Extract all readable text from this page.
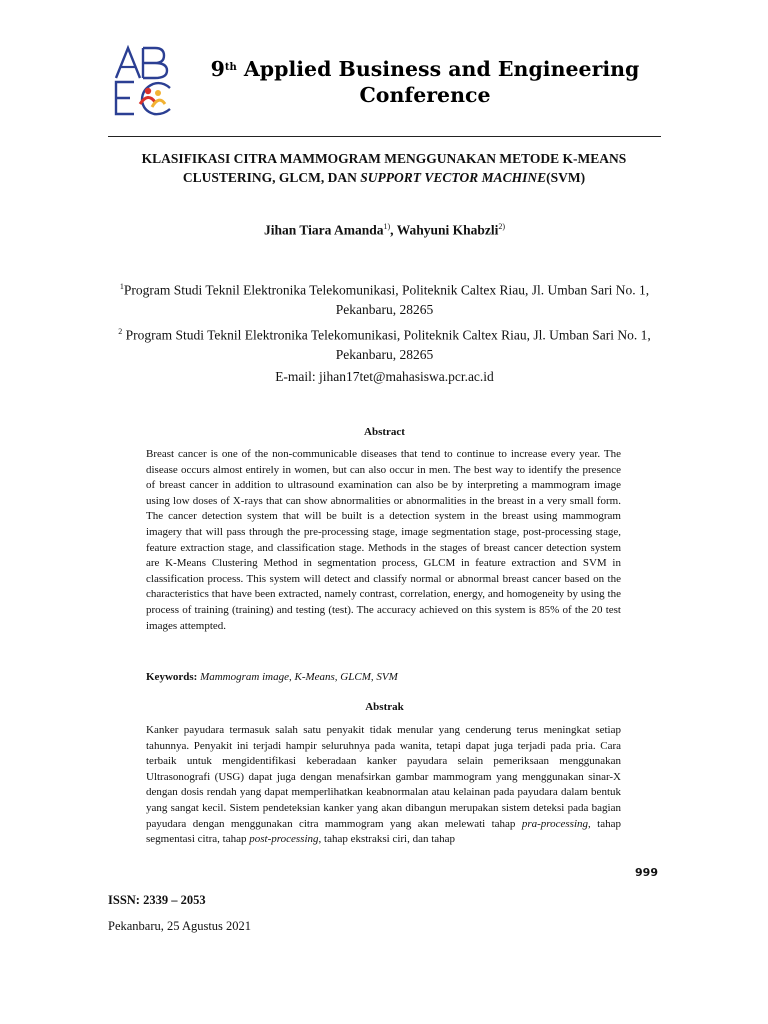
9th Applied Business and Engineering
Conference
KLASIFIKASI CITRA MAMMOGRAM MENGGUNAKAN METODE K-MEANS CLUSTERING, GLCM, DAN SUPPORT VECTOR MACHINE(SVM)
Jihan Tiara Amanda$^{1)}$, Wahyuni Khabzli$^{2)}$
$^1$Program Studi Teknil Elektronika Telekomunikasi, Politeknik Caltex Riau, Jl. Umban Sari No. 1, Pekanbaru, 28265
$^2$ Program Studi Teknil Elektronika Telekomunikasi, Politeknik Caltex Riau, Jl. Umban Sari No. 1, Pekanbaru, 28265
E-mail: jihan17tet@mahasiswa.pcr.ac.id
Abstract

Breast cancer is one of the non-communicable diseases that tend to continue to increase every year. The disease occurs almost entirely in women, but can also occur in men. The best way to identify the presence of breast cancer in addition to ultrasound examination can also be by interpreting a mammogram image using low doses of X-rays that can show abnormalities or abnormalities in the breast in a very small form. The cancer detection system that will be built is a detection system in the breast using mammogram imagery that will pass through the pre-processing stage, image segmentation stage, post-processing stage, feature extraction stage, and classification stage. Methods in the stages of breast cancer detection system are K-Means Clustering Method in segmentation process, GLCM in feature extraction and SVM in classification process. This system will detect and classify normal or abnormal breast cancer based on the characteristics that have been extracted, namely contrast, correlation, energy, and homogeneity by using the process of training (training) and testing (test). The accuracy achieved on this system is 85% of the 20 test images attempted.

Keywords: Mammogram image, K-Means, GLCM, SVM
Abstrak

Kanker payudara termasuk salah satu penyakit tidak menular yang cenderung terus meningkat setiap tahunnya. Penyakit ini terjadi hampir seluruhnya pada wanita, tetapi dapat juga terjadi pada pria. Cara terbaik untuk mengidentifikasi keberadaan kanker payudara selain pemeriksaan menggunakan Ultrasonografi (USG) dapat juga dengan menafsirkan gambar mammogram yang menggunakan sinar-X dengan dosis rendah yang dapat memperlihatkan keabnormalan atau kelainan pada payudara dalam bentuk yang sangat kecil. Sistem pendeteksian kanker yang akan dibangun merupakan sistem deteksi pada bagian payudara dengan menggunakan citra mammogram yang akan melewati tahap pra-processing, tahap segmentasi citra, tahap post-processing, tahap ekstraksi ciri, dan tahap

999
ISSN: 2339 – 2053
Pekanbaru, 25 Agustus 2021
